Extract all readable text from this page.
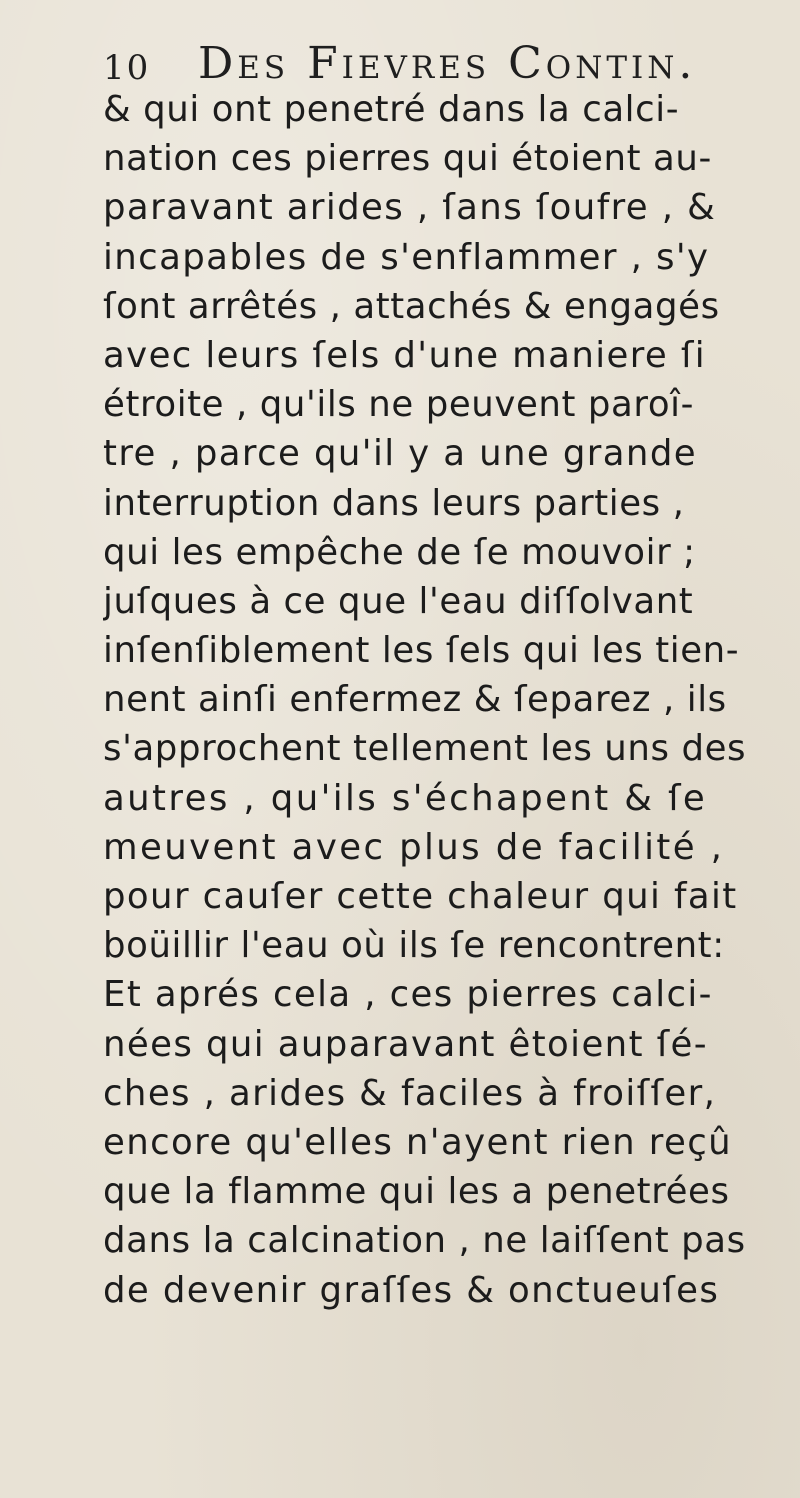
10 Des Fievres Contin.
& qui ont penetré dans la calci-
nation ces pierres qui étoient au-
paravant arides , ſans ſoufre , &
incapables de s'enflammer , s'y
ſont arrêtés , attachés & engagés
avec leurs ſels d'une maniere ſi
étroite , qu'ils ne peuvent paroî-
tre , parce qu'il y a une grande
interruption dans leurs parties ,
qui les empêche de ſe mouvoir ;
juſques à ce que l'eau diſſolvant
inſenſiblement les ſels qui les tien-
nent ainſi enfermez & ſeparez , ils
s'approchent tellement les uns des
autres , qu'ils s'échapent & ſe
meuvent avec plus de facilité ,
pour cauſer cette chaleur qui fait
boüillir l'eau où ils ſe rencontrent:
Et aprés cela , ces pierres calci-
nées qui auparavant êtoient ſé-
ches , arides & faciles à froiſſer,
encore qu'elles n'ayent rien reçû
que la flamme qui les a penetrées
dans la calcination , ne laiſſent pas
de devenir graſſes & onctueuſes
